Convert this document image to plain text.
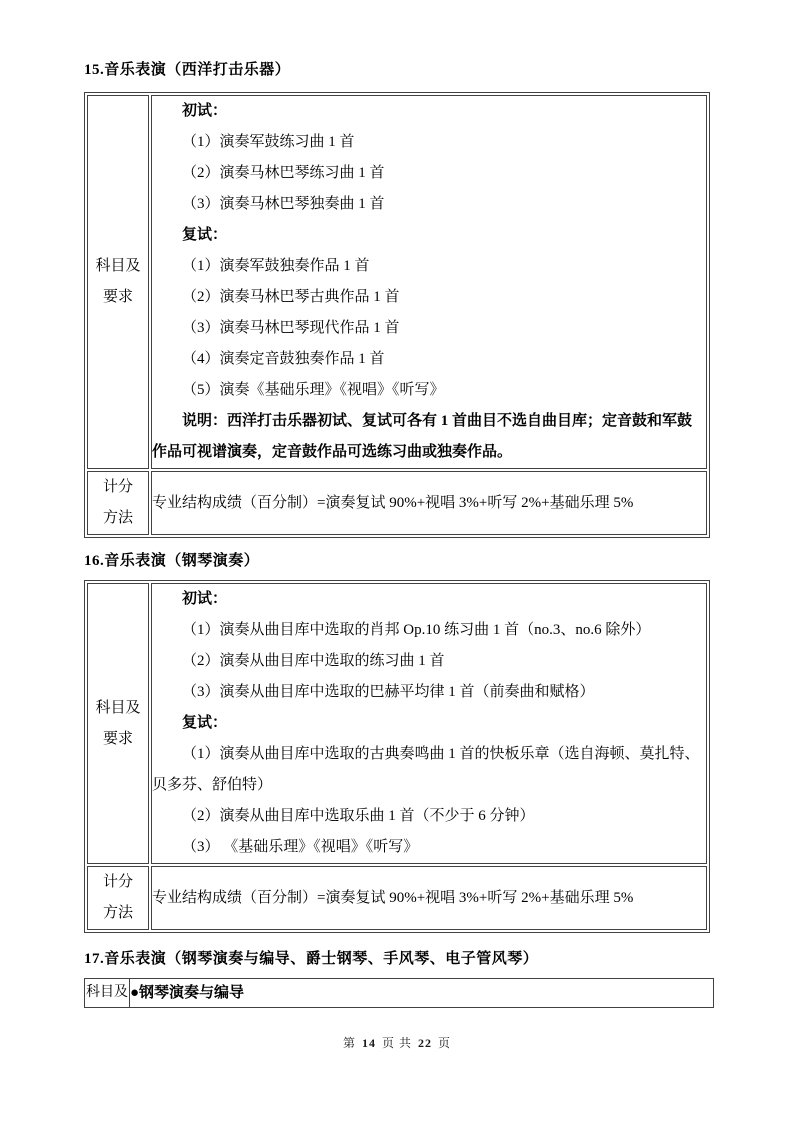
15.音乐表演（西洋打击乐器）
科目及
要求

初试：

（1）演奏军鼓练习曲 1 首

（2）演奏马林巴琴练习曲 1 首

（3）演奏马林巴琴独奏曲 1 首

复试：

（1）演奏军鼓独奏作品 1 首

（2）演奏马林巴琴古典作品 1 首

（3）演奏马林巴琴现代作品 1 首

（4）演奏定音鼓独奏作品 1 首

（5）演奏《基础乐理》《视唱》《听写》

说明：西洋打击乐器初试、复试可各有 1 首曲目不选自曲目库；定音鼓和军鼓作品可视谱演奏，定音鼓作品可选练习曲或独奏作品。

计分
方法	专业结构成绩（百分制）=演奏复试 90%+视唱 3%+听写 2%+基础乐理 5%

16.音乐表演（钢琴演奏）
科目及
要求

初试：

（1）演奏从曲目库中选取的肖邦 Op.10 练习曲 1 首（no.3、no.6 除外）

（2）演奏从曲目库中选取的练习曲 1 首

（3）演奏从曲目库中选取的巴赫平均律 1 首（前奏曲和赋格）

复试：

（1）演奏从曲目库中选取的古典奏鸣曲 1 首的快板乐章（选自海顿、莫扎特、贝多芬、舒伯特）

（2）演奏从曲目库中选取乐曲 1 首（不少于 6 分钟）

（3） 《基础乐理》《视唱》《听写》

计分
方法	专业结构成绩（百分制）=演奏复试 90%+视唱 3%+听写 2%+基础乐理 5%

17.音乐表演（钢琴演奏与编导、爵士钢琴、手风琴、电子管风琴）
科目及	●钢琴演奏与编导

第 14 页 共 22 页
